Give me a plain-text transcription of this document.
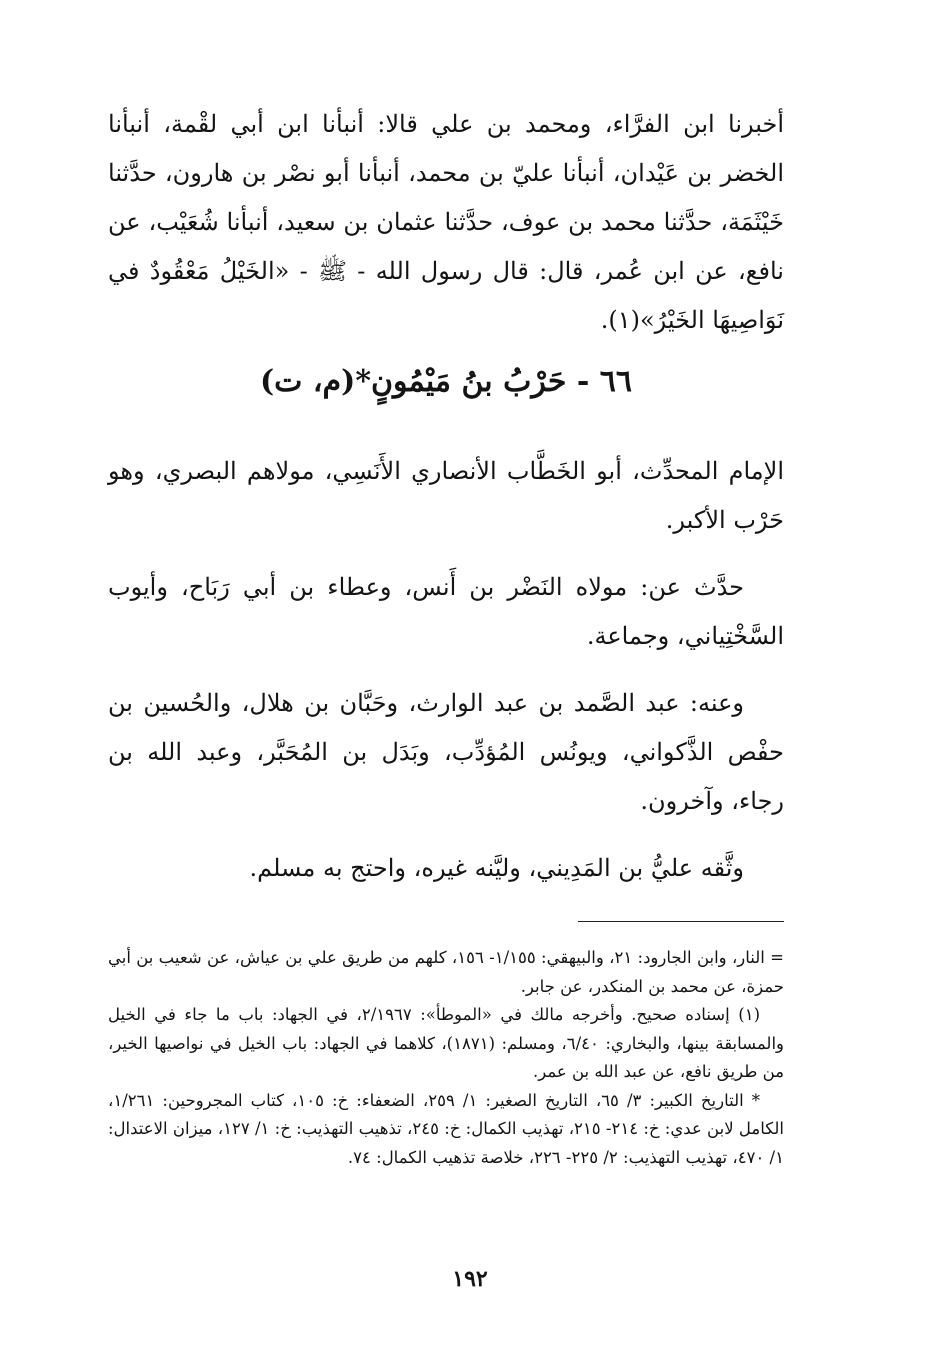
أخبرنا ابن الفرَّاء، ومحمد بن علي قالا: أنبأنا ابن أبي لقْمة، أنبأنا الخضر بن عَيْدان، أنبأنا عليّ بن محمد، أنبأنا أبو نصْر بن هارون، حدَّثنا خَيْثَمَة، حدَّثنا محمد بن عوف، حدَّثنا عثمان بن سعيد، أنبأنا شُعَيْب، عن نافع، عن ابن عُمر، قال: قال رسول الله - ﷺ - «الخَيْلُ مَعْقُودٌ في نَوَاصِيهَا الخَيْرُ»(١).

٦٦ - حَرْبُ بنُ مَيْمُونٍ*(م، ت)

الإمام المحدِّث، أبو الخَطَّاب الأنصاري الأَنَسِي، مولاهم البصري، وهو حَرْب الأكبر.

حدَّث عن: مولاه النَضْر بن أَنس، وعطاء بن أبي رَبَاح، وأيوب السَّخْتِياني، وجماعة.

وعنه: عبد الصَّمد بن عبد الوارث، وحَبَّان بن هلال، والحُسين بن حفْص الذَّكواني، ويونُس المُؤدِّب، وبَدَل بن المُحَبَّر، وعبد الله بن رجاء، وآخرون.

وثَّقه عليُّ بن المَدِيني، وليَّنه غيره، واحتج به مسلم.

= النار، وابن الجارود: ٢١، والبيهقي: ١/١٥٥- ١٥٦، كلهم من طريق علي بن عياش، عن شعيب بن أبي حمزة، عن محمد بن المنكدر، عن جابر.

(١) إسناده صحيح. وأخرجه مالك في «الموطأ»: ٢/١٩٦٧، في الجهاد: باب ما جاء في الخيل والمسابقة بينها، والبخاري: ٦/٤٠، ومسلم: (١٨٧١)، كلاهما في الجهاد: باب الخيل في نواصيها الخير، من طريق نافع، عن عبد الله بن عمر.

* التاريخ الكبير: ٣/ ٦٥، التاريخ الصغير: ١/ ٢٥٩، الضعفاء: خ: ١٠٥، كتاب المجروحين: ١/٢٦١، الكامل لابن عدي: خ: ٢١٤- ٢١٥، تهذيب الكمال: خ: ٢٤٥، تذهيب التهذيب: خ: ١/ ١٢٧، ميزان الاعتدال: ١/ ٤٧٠، تهذيب التهذيب: ٢/ ٢٢٥- ٢٢٦، خلاصة تذهيب الكمال: ٧٤.

١٩٢
